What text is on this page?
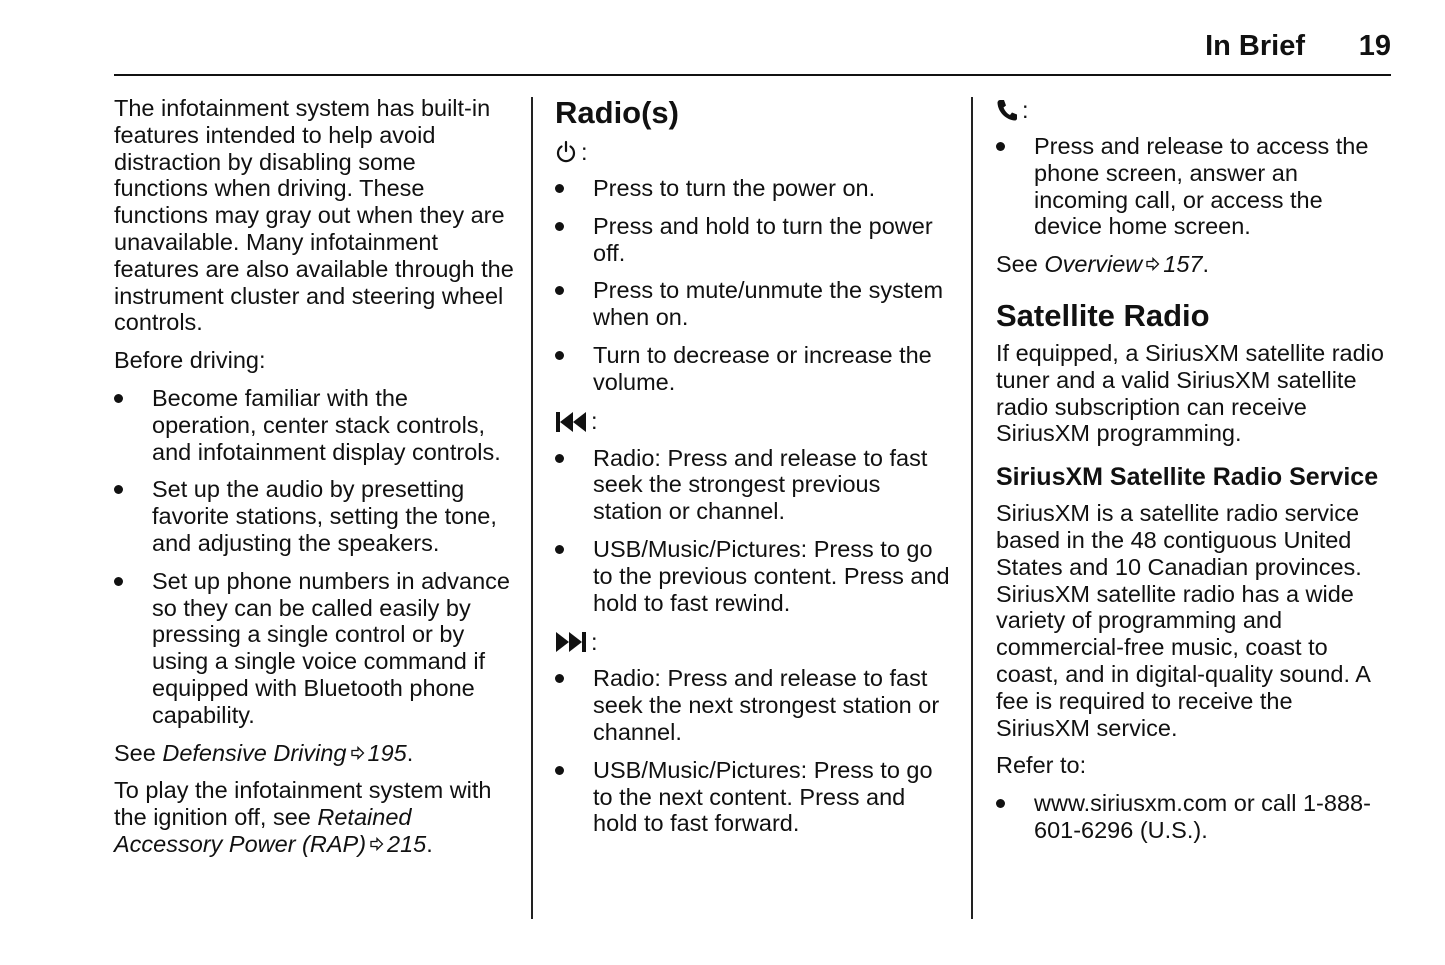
In Brief 19

The infotainment system has built-in features intended to help avoid distraction by disabling some functions when driving. These functions may gray out when they are unavailable. Many infotainment features are also available through the instrument cluster and steering wheel controls.

Before driving:

Become familiar with the operation, center stack controls, and infotainment display controls.
Set up the audio by presetting favorite stations, setting the tone, and adjusting the speakers.
Set up phone numbers in advance so they can be called easily by pressing a single control or by using a single voice command if equipped with Bluetooth phone capability.

See Defensive Driving 195.

To play the infotainment system with the ignition off, see Retained Accessory Power (RAP) 215.

Radio(s)
:
Press to turn the power on.
Press and hold to turn the power off.
Press to mute/unmute the system when on.
Turn to decrease or increase the volume.
:
Radio: Press and release to fast seek the strongest previous station or channel.
USB/Music/Pictures: Press to go to the previous content. Press and hold to fast rewind.
:
Radio: Press and release to fast seek the next strongest station or channel.
USB/Music/Pictures: Press to go to the next content. Press and hold to fast forward.
:
Press and release to access the phone screen, answer an incoming call, or access the device home screen.

See Overview 157.

Satellite Radio

If equipped, a SiriusXM satellite radio tuner and a valid SiriusXM satellite radio subscription can receive SiriusXM programming.

SiriusXM Satellite Radio Service

SiriusXM is a satellite radio service based in the 48 contiguous United States and 10 Canadian provinces. SiriusXM satellite radio has a wide variety of programming and commercial-free music, coast to coast, and in digital-quality sound. A fee is required to receive the SiriusXM service.

Refer to:

www.siriusxm.com or call 1-888-601-6296 (U.S.).
